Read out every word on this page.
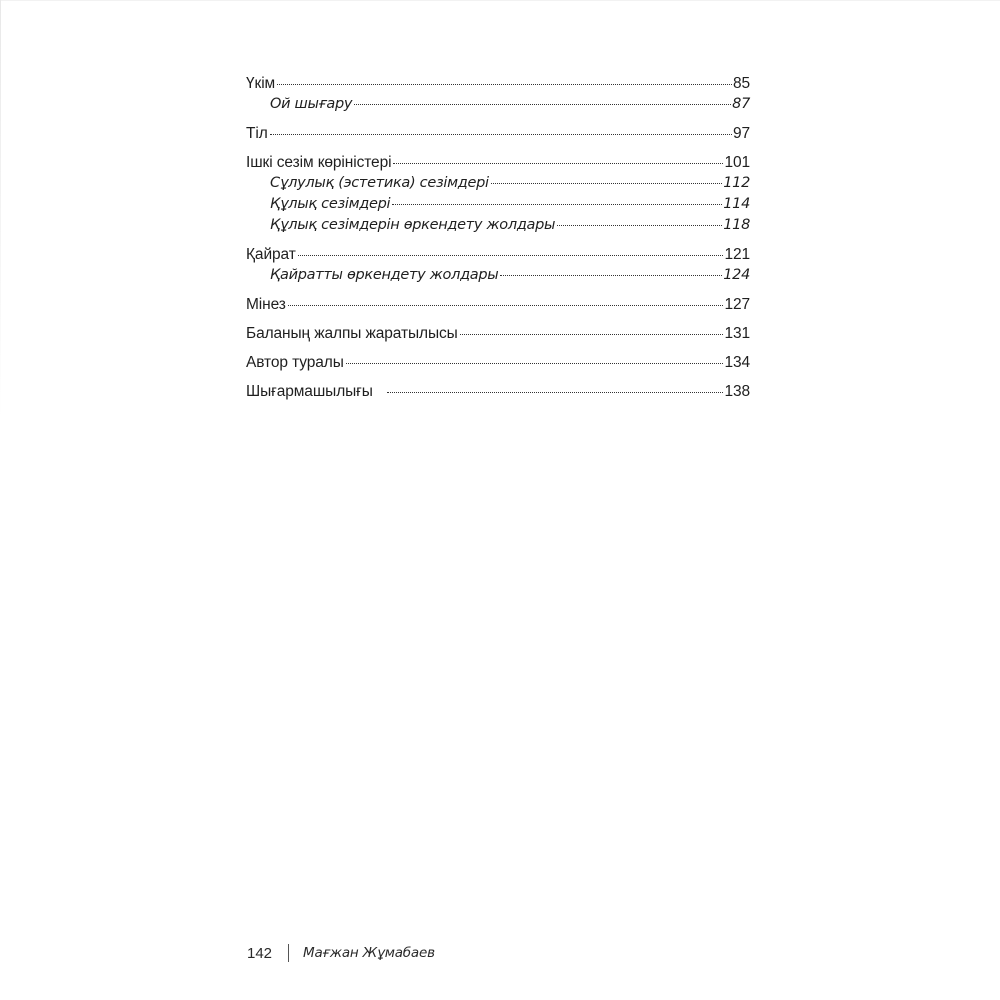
Үкім	85
Ой шығару	87
Тіл	97
Ішкі сезім көріністері	101
Сұлулық (эстетика) сезімдері	112
Құлық сезімдері	114
Құлық сезімдерін өркендету жолдары	118
Қайрат	121
Қайратты өркендету жолдары	124
Мінез	127
Баланың жалпы жаратылысы	131
Автор туралы	134
Шығармашылығы	138
142 Мағжан Жұмабаев
